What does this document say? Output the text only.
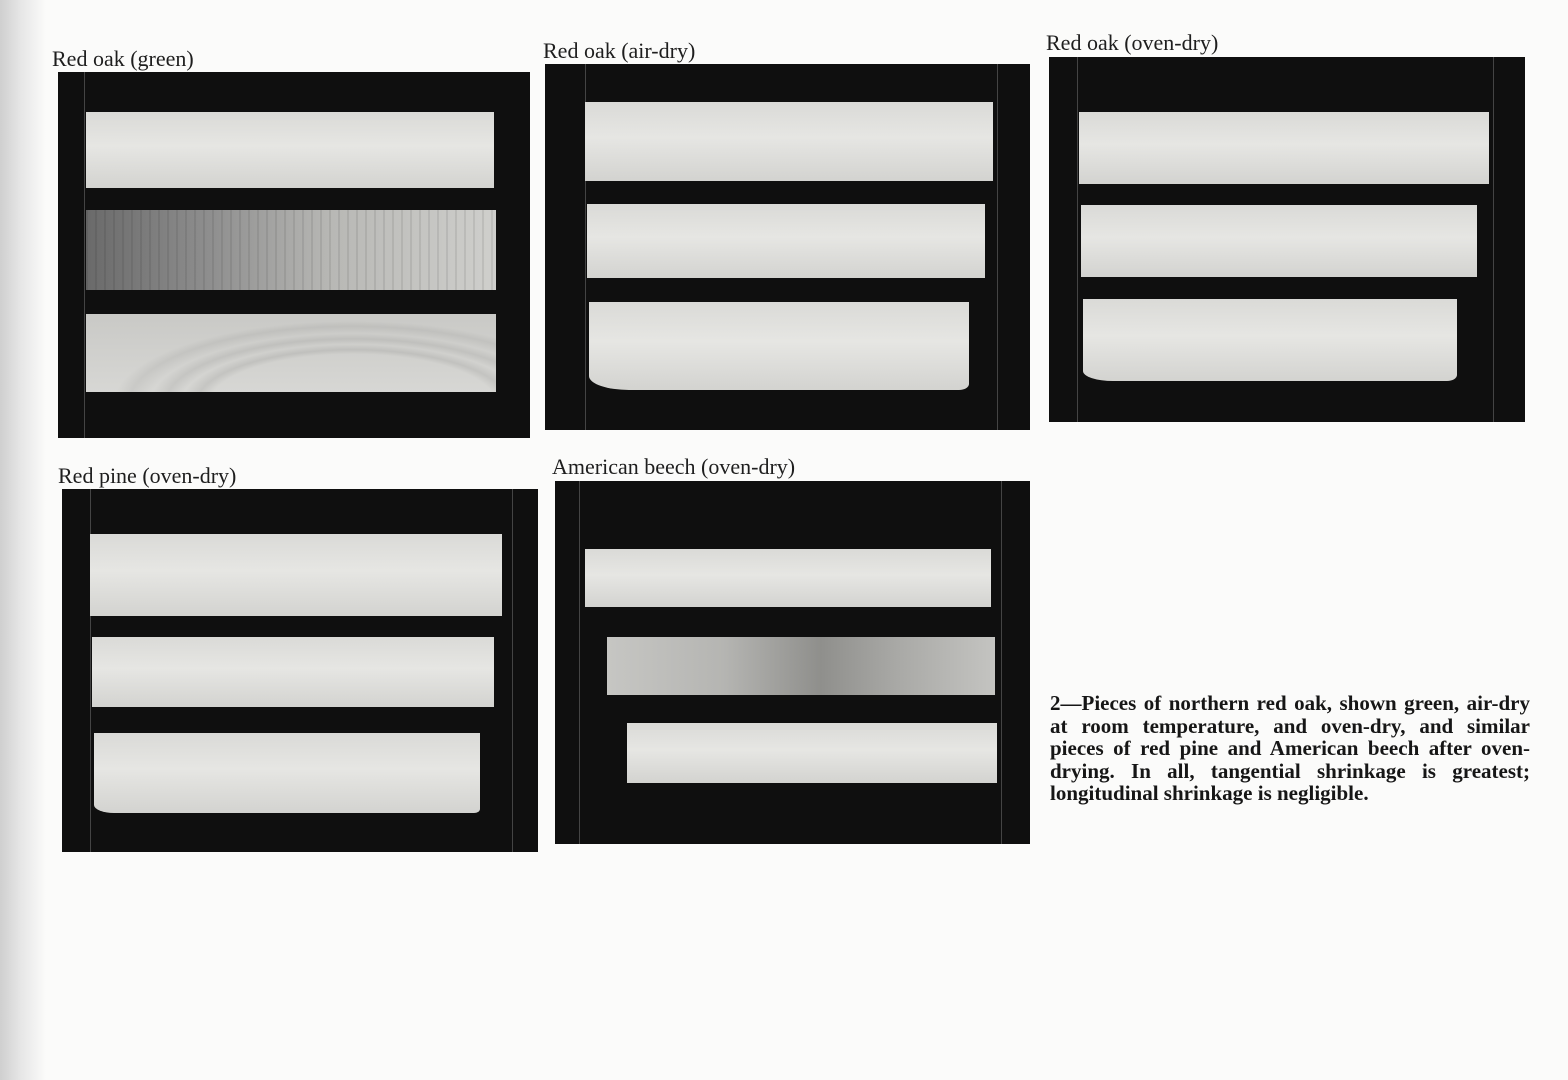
Red oak (green)	Red oak (air-dry)	Red oak (oven-dry)
Red pine (oven-dry)	American beech (oven-dry)
2—Pieces of northern red oak, shown green, air-dry at room temperature, and oven-dry, and similar pieces of red pine and American beech after oven-drying. In all, tangential shrinkage is greatest; longitudinal shrinkage is negligible.
